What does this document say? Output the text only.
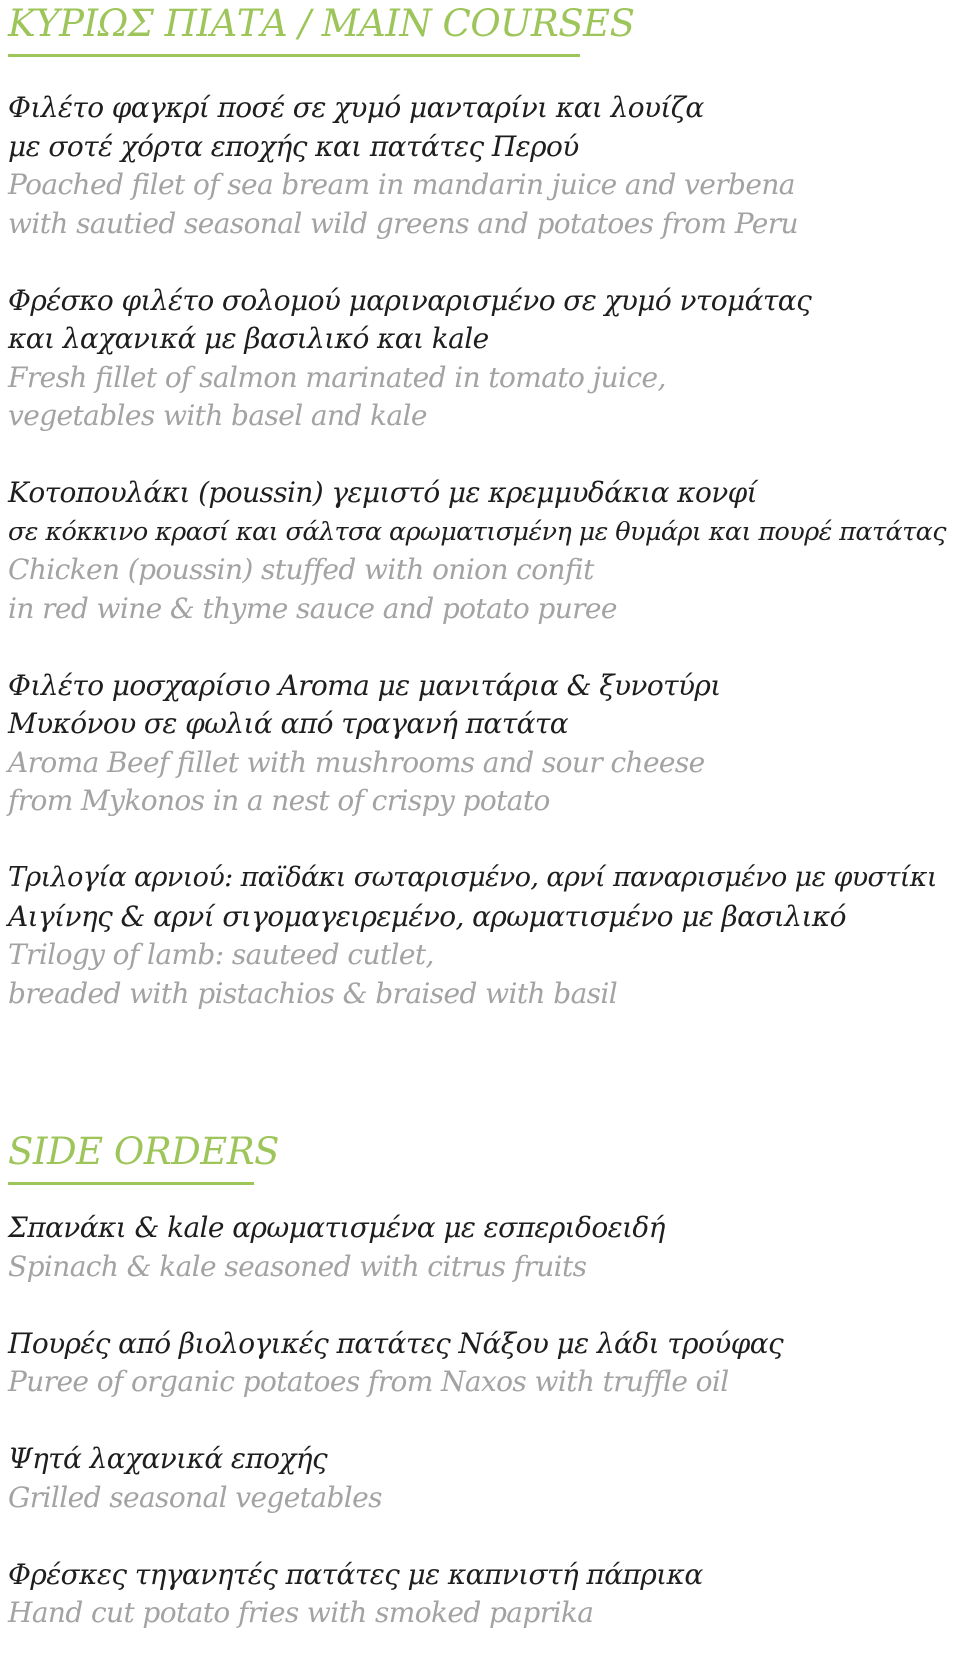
ΚΥΡΙΩΣ ΠΙΑΤΑ / MAIN COURSES
Φιλέτο φαγκρί ποσέ σε χυμό μανταρίνι και λουίζα
με σοτέ χόρτα εποχής και πατάτες Περού
Poached filet of sea bream in mandarin juice and verbena
with sautied seasonal wild greens and potatoes from Peru
Φρέσκο φιλέτο σολομού μαριναρισμένο σε χυμό ντομάτας
και λαχανικά με βασιλικό και kale
Fresh fillet of salmon marinated in tomato juice,
vegetables with basel and kale
Κοτοπουλάκι (poussin) γεμιστό με κρεμμυδάκια κονφί
σε κόκκινο κρασί και σάλτσα αρωματισμένη με θυμάρι και πουρέ πατάτας
Chicken (poussin) stuffed with onion confit
in red wine & thyme sauce and potato puree
Φιλέτο μοσχαρίσιο Aroma με μανιτάρια & ξυνοτύρι
Μυκόνου σε φωλιά από τραγανή πατάτα
Aroma Beef fillet with mushrooms and sour cheese
from Mykonos in a nest of crispy potato
Τριλογία αρνιού: παϊδάκι σωταρισμένο, αρνί παναρισμένο με φυστίκι
Αιγίνης & αρνί σιγομαγειρεμένο, αρωματισμένο με βασιλικό
Trilogy of lamb: sauteed cutlet,
breaded with pistachios & braised with basil
SIDE ORDERS
Σπανάκι & kale αρωματισμένα με εσπεριδοειδή
Spinach & kale seasoned with citrus fruits
Πουρές από βιολογικές πατάτες Νάξου με λάδι τρούφας
Puree of organic potatoes from Naxos with truffle oil
Ψητά λαχανικά εποχής
Grilled seasonal vegetables
Φρέσκες τηγανητές πατάτες με καπνιστή πάπρικα
Hand cut potato fries with smoked paprika
